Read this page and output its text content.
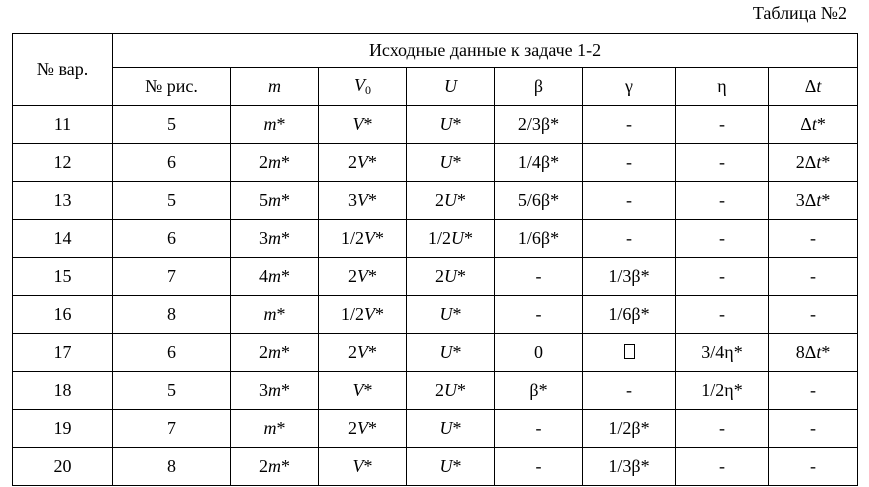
Таблица №2
№ вар.	Исходные данные к задаче 1-2							
	№ рис.	m	$V_0$	U	β	γ	η	Δt
11	5	m*	V*	U*	2/3β*	-	-	Δt*
12	6	2m*	2V*	U*	1/4β*	-	-	2Δt*
13	5	5m*	3V*	2U*	5/6β*	-	-	3Δt*
14	6	3m*	1/2V*	1/2U*	1/6β*	-	-	-
15	7	4m*	2V*	2U*	-	1/3β*	-	-
16	8	m*	1/2V*	U*	-	1/6β*	-	-
17	6	2m*	2V*	U*	0		3/4η*	8Δt*
18	5	3m*	V*	2U*	β*	-	1/2η*	-
19	7	m*	2V*	U*	-	1/2β*	-	-
20	8	2m*	V*	U*	-	1/3β*	-	-
